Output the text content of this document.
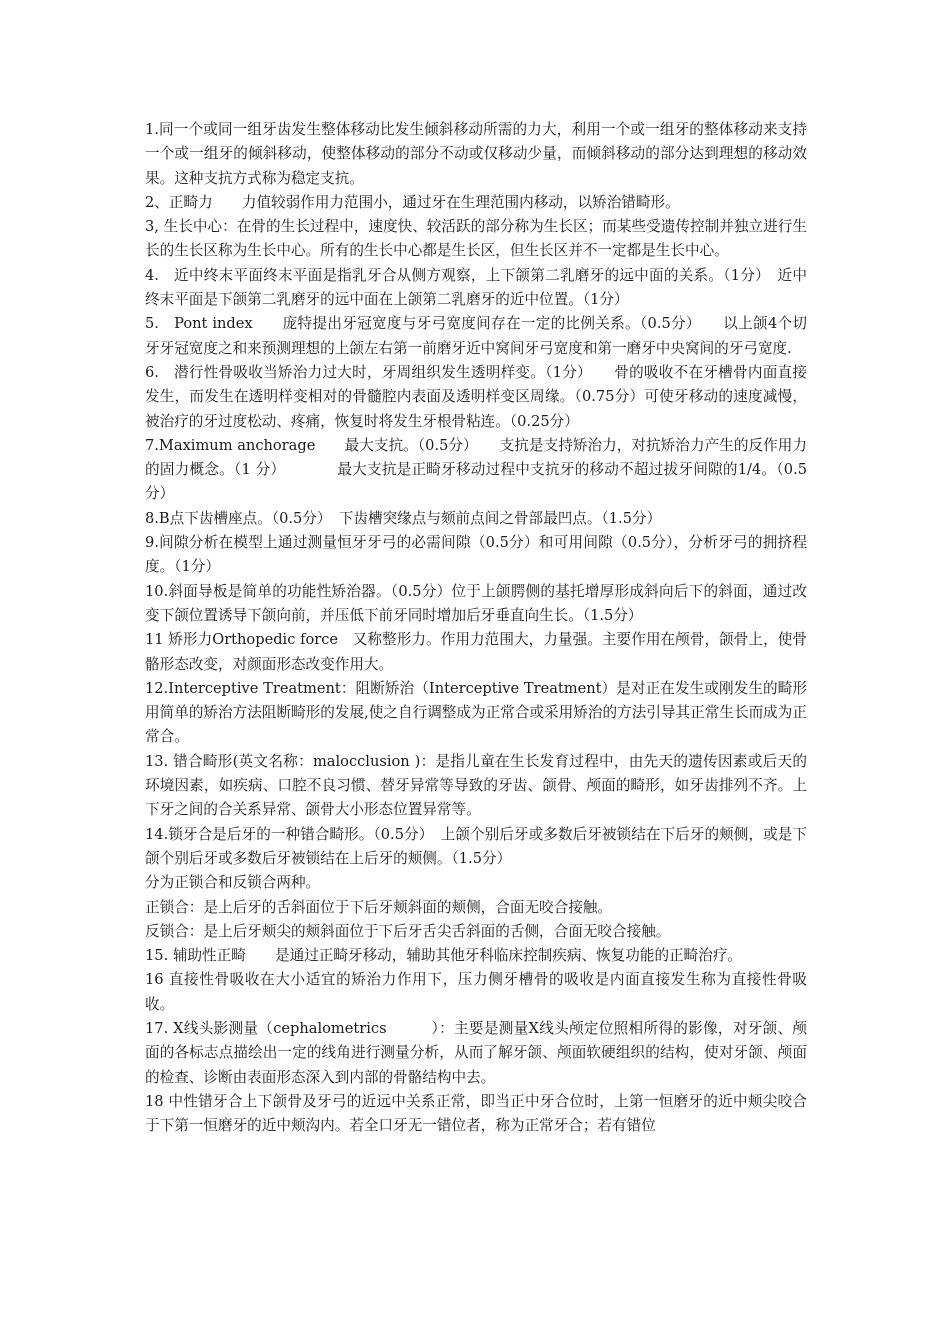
1.同一个或同一组牙齿发生整体移动比发生倾斜移动所需的力大，利用一个或一组牙的整体移动来支持一个或一组牙的倾斜移动，使整体移动的部分不动或仅移动少量，而倾斜移动的部分达到理想的移动效果。这种支抗方式称为稳定支抗。

2、正畸力　　力值较弱作用力范围小，通过牙在生理范围内移动，以矫治错畸形。

3, 生长中心：在骨的生长过程中，速度快、较活跃的部分称为生长区；而某些受遗传控制并独立进行生长的生长区称为生长中心。所有的生长中心都是生长区，但生长区并不一定都是生长中心。

4.　近中终末平面终末平面是指乳牙合从侧方观察，上下颌第二乳磨牙的远中面的关系。（1分）　近中终末平面是下颌第二乳磨牙的远中面在上颌第二乳磨牙的近中位置。（1分）

5.　Pont index　　庞特提出牙冠宽度与牙弓宽度间存在一定的比例关系。（0.5分）　　以上颌4个切牙牙冠宽度之和来预测理想的上颌左右第一前磨牙近中窝间牙弓宽度和第一磨牙中央窝间的牙弓宽度.

6.　潜行性骨吸收当矫治力过大时，牙周组织发生透明样变。（1分）　　骨的吸收不在牙槽骨内面直接发生，而发生在透明样变相对的骨髓腔内表面及透明样变区周缘。（0.75分）可使牙移动的速度减慢，被治疗的牙过度松动、疼痛，恢复时将发生牙根骨粘连。（0.25分）

7.Maximum anchorage　　最大支抗。（0.5分）　　支抗是支持矫治力，对抗矫治力产生的反作用力的固力概念。（1 分）　　　　最大支抗是正畸牙移动过程中支抗牙的移动不超过拔牙间隙的1/4。（0.5分）

8.B点下齿槽座点。（0.5分）　下齿槽突缘点与颏前点间之骨部最凹点。（1.5分）

9.间隙分析在模型上通过测量恒牙牙弓的必需间隙（0.5分）和可用间隙（0.5分），分析牙弓的拥挤程度。（1分）

10.斜面导板是简单的功能性矫治器。（0.5分）位于上颌腭侧的基托增厚形成斜向后下的斜面，通过改变下颌位置诱导下颌向前，并压低下前牙同时增加后牙垂直向生长。（1.5分）

11 矫形力Orthopedic force　又称整形力。作用力范围大，力量强。主要作用在颅骨，颌骨上，使骨骼形态改变，对颜面形态改变作用大。

12.Interceptive Treatment：阻断矫治（Interceptive Treatment）是对正在发生或刚发生的畸形用简单的矫治方法阻断畸形的发展,使之自行调整成为正常合或采用矫治的方法引导其正常生长而成为正常合。

13. 错合畸形(英文名称：malocclusion )：是指儿童在生长发育过程中，由先天的遗传因素或后天的环境因素，如疾病、口腔不良习惯、替牙异常等导致的牙齿、颌骨、颅面的畸形，如牙齿排列不齐。上下牙之间的合关系异常、颌骨大小形态位置异常等。

14.锁牙合是后牙的一种错合畸形。（0.5分）　上颌个别后牙或多数后牙被锁结在下后牙的颊侧，或是下颌个别后牙或多数后牙被锁结在上后牙的颊侧。（1.5分）

分为正锁合和反锁合两种。

正锁合：是上后牙的舌斜面位于下后牙颊斜面的颊侧，合面无咬合接触。

反锁合：是上后牙颊尖的颊斜面位于下后牙舌尖舌斜面的舌侧，合面无咬合接触。

15. 辅助性正畸　　是通过正畸牙移动，辅助其他牙科临床控制疾病、恢复功能的正畸治疗。

16 直接性骨吸收在大小适宜的矫治力作用下，压力侧牙槽骨的吸收是内面直接发生称为直接性骨吸收。

17. X线头影测量（cephalometrics　　　）：主要是测量X线头颅定位照相所得的影像，对牙颌、颅面的各标志点描绘出一定的线角进行测量分析，从而了解牙颌、颅面软硬组织的结构，使对牙颌、颅面的检查、诊断由表面形态深入到内部的骨骼结构中去。

18 中性错牙合上下颌骨及牙弓的近远中关系正常，即当正中牙合位时，上第一恒磨牙的近中颊尖咬合于下第一恒磨牙的近中颊沟内。若全口牙无一错位者，称为正常牙合；若有错位
